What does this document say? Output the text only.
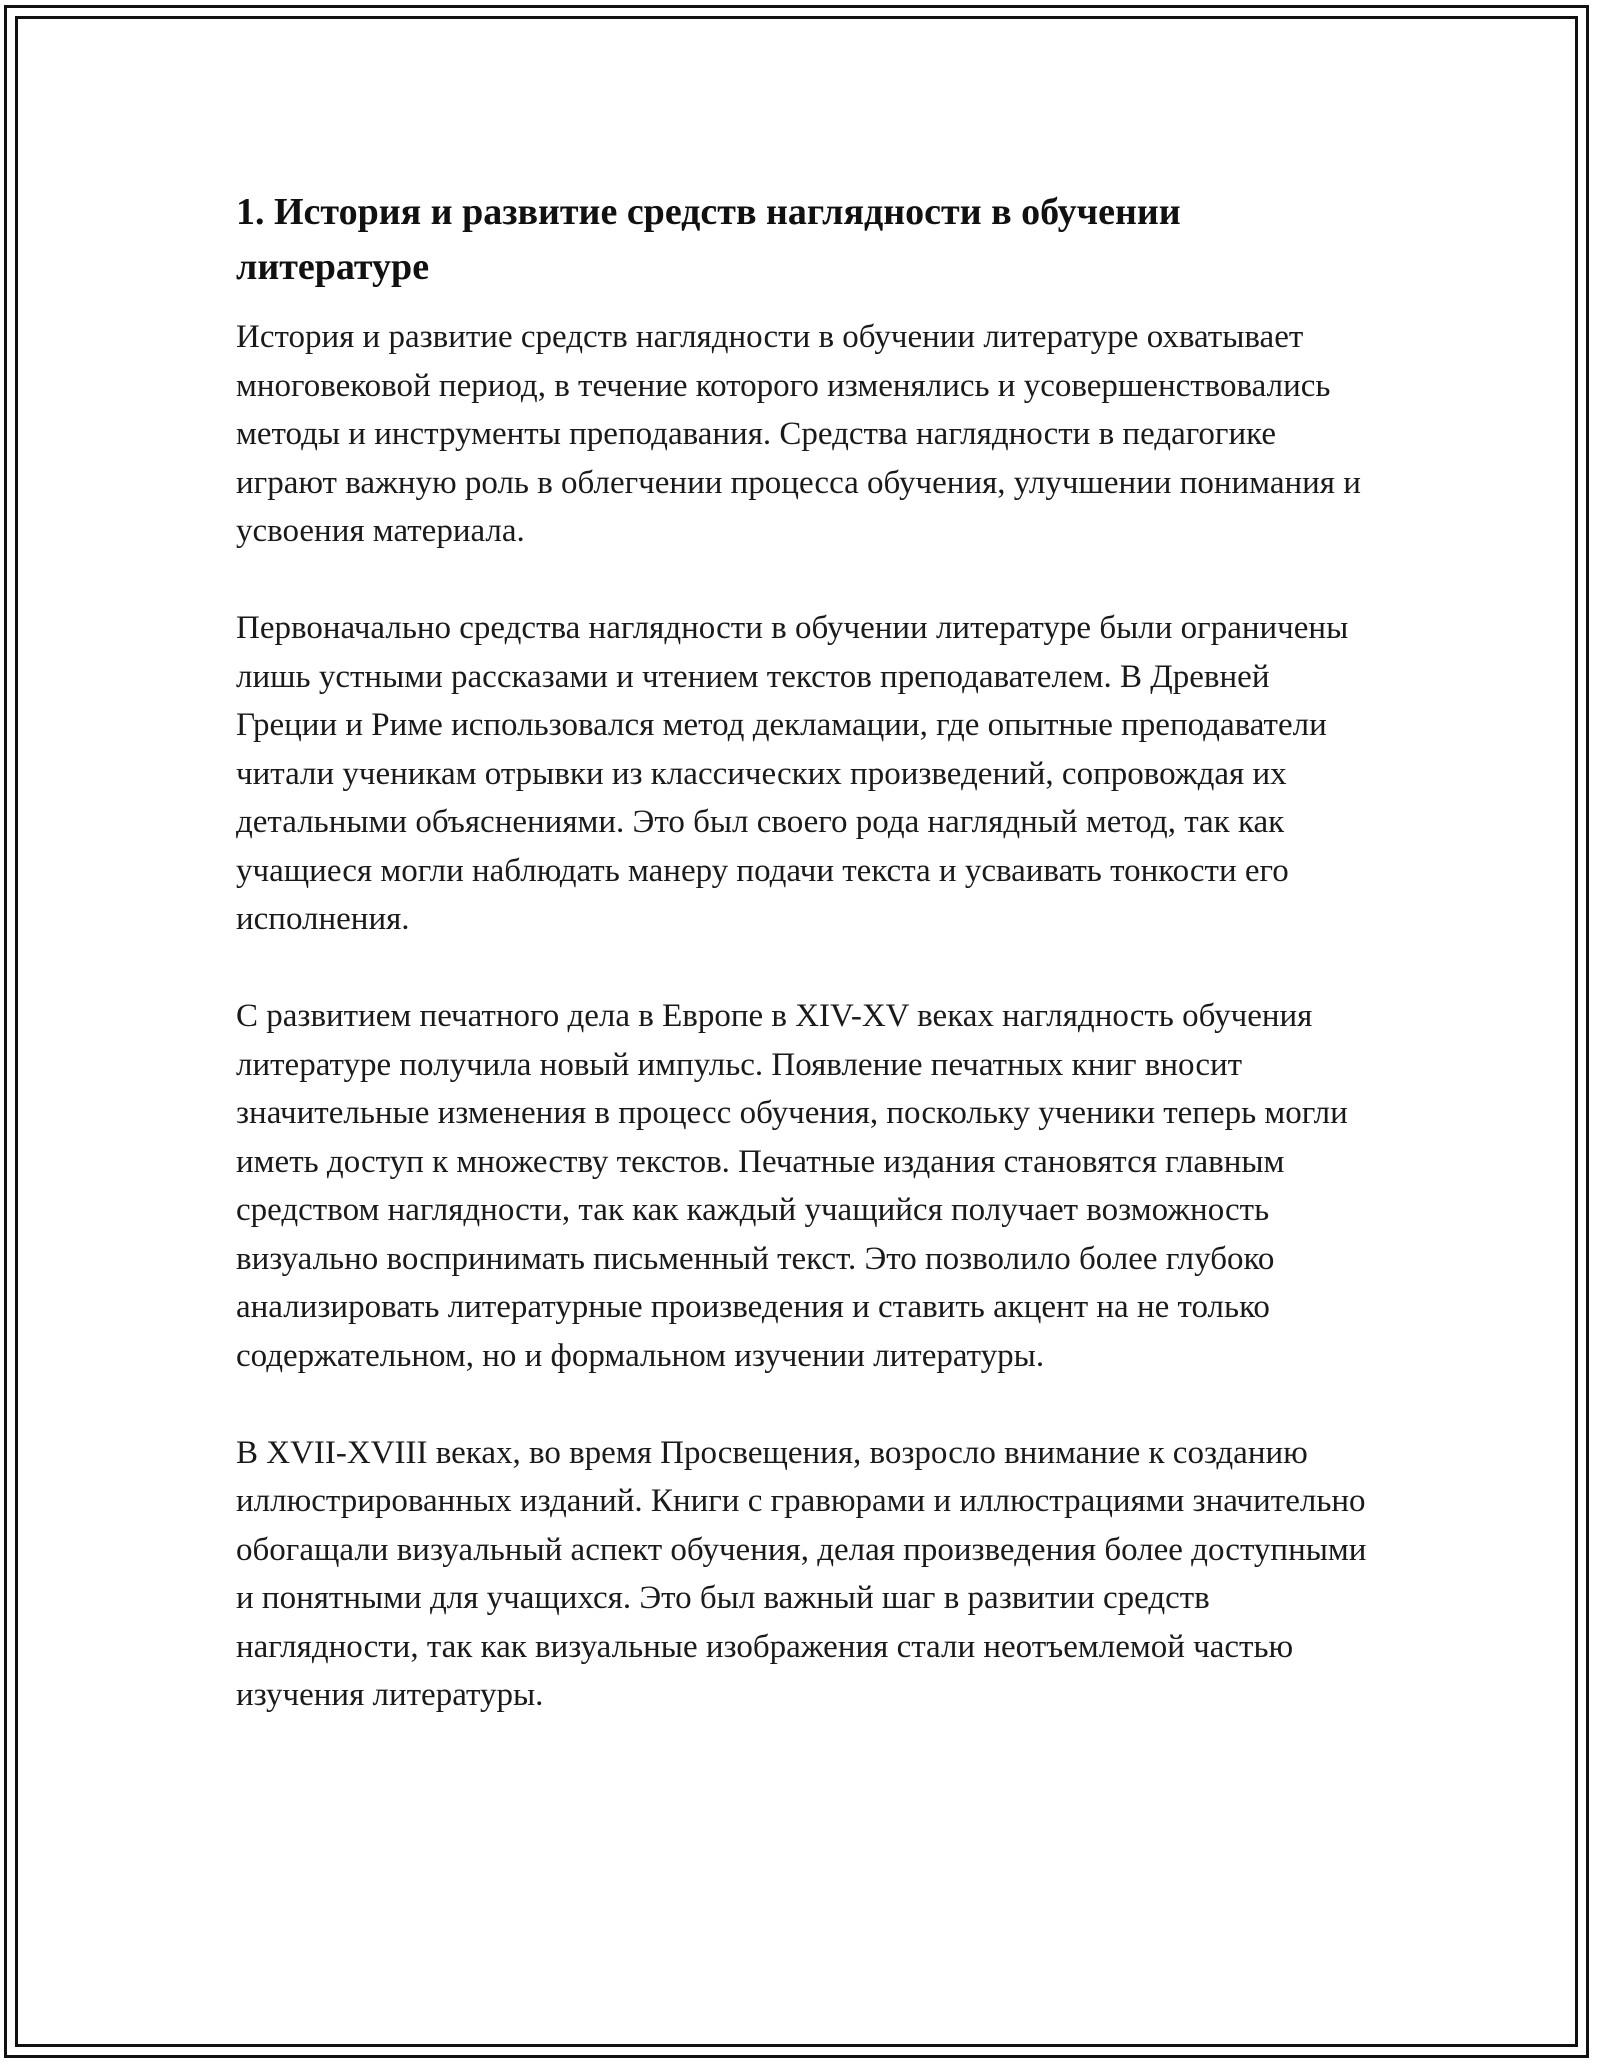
1. История и развитие средств наглядности в обучении литературе

История и развитие средств наглядности в обучении литературе охватывает многовековой период, в течение которого изменялись и усовершенствовались методы и инструменты преподавания. Средства наглядности в педагогике играют важную роль в облегчении процесса обучения, улучшении понимания и усвоения материала.

Первоначально средства наглядности в обучении литературе были ограничены лишь устными рассказами и чтением текстов преподавателем. В Древней Греции и Риме использовался метод декламации, где опытные преподаватели читали ученикам отрывки из классических произведений, сопровождая их детальными объяснениями. Это был своего рода наглядный метод, так как учащиеся могли наблюдать манеру подачи текста и усваивать тонкости его исполнения.

С развитием печатного дела в Европе в XIV-XV веках наглядность обучения литературе получила новый импульс. Появление печатных книг вносит значительные изменения в процесс обучения, поскольку ученики теперь могли иметь доступ к множеству текстов. Печатные издания становятся главным средством наглядности, так как каждый учащийся получает возможность визуально воспринимать письменный текст. Это позволило более глубоко анализировать литературные произведения и ставить акцент на не только содержательном, но и формальном изучении литературы.

В XVII-XVIII веках, во время Просвещения, возросло внимание к созданию иллюстрированных изданий. Книги с гравюрами и иллюстрациями значительно обогащали визуальный аспект обучения, делая произведения более доступными и понятными для учащихся. Это был важный шаг в развитии средств наглядности, так как визуальные изображения стали неотъемлемой частью изучения литературы.
